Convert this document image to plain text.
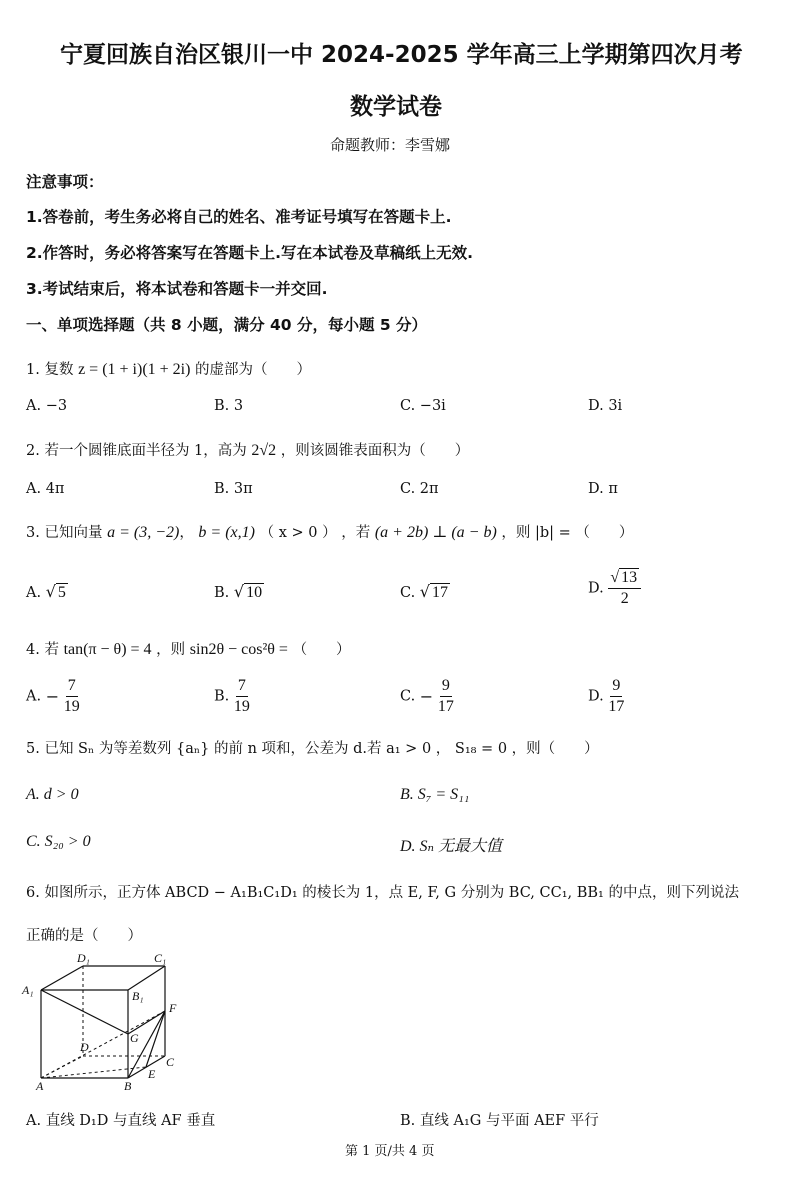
宁夏回族自治区银川一中 2024-2025 学年高三上学期第四次月考
数学试卷
命题教师：李雪娜
注意事项：
1.答卷前，考生务必将自己的姓名、准考证号填写在答题卡上.
2.作答时，务必将答案写在答题卡上.写在本试卷及草稿纸上无效.
3.考试结束后，将本试卷和答题卡一并交回.
一、单项选择题（共 8 小题，满分 40 分，每小题 5 分）
1. 复数 z = (1 + i)(1 + 2i) 的虚部为（　　）
A. −3	B. 3	C. −3i	D. 3i
2. 若一个圆锥底面半径为 1，高为 2√2 ，则该圆锥表面积为（　　）
A. 4π	B. 3π	C. 2π	D. π
3. 已知向量 a = (3, −2)， b = (x,1) （ x > 0 ） ，若 (a + 2b) ⊥ (a − b) ，则 |b| = （　　）
A. √ 5	B. √ 10	C. √ 17	D. $\frac{√ 13}{2}$
4. 若 tan(π − θ) = 4 ，则 sin2θ − cos²θ = （　　）
A. − $\frac{7}{19}$	B. $\frac{7}{19}$	C. − $\frac{9}{17}$	D. $\frac{9}{17}$
5. 已知 Sₙ 为等差数列 {aₙ} 的前 n 项和，公差为 d.若 a₁ > 0 ， S₁₈ = 0 ，则（　　）
A. d > 0	B. S₇ = S₁₁
C. S₂₀ > 0	D. Sₙ 无最大值
6. 如图所示，正方体 ABCD − A₁B₁C₁D₁ 的棱长为 1，点 E, F, G 分别为 BC, CC₁, BB₁ 的中点，则下列说法
正确的是（　　）
D₁	C₁
A₁	B₁
F
G
D
C
E
A	B
A. 直线 D₁D 与直线 AF 垂直	B. 直线 A₁G 与平面 AEF 平行
第 1 页/共 4 页
